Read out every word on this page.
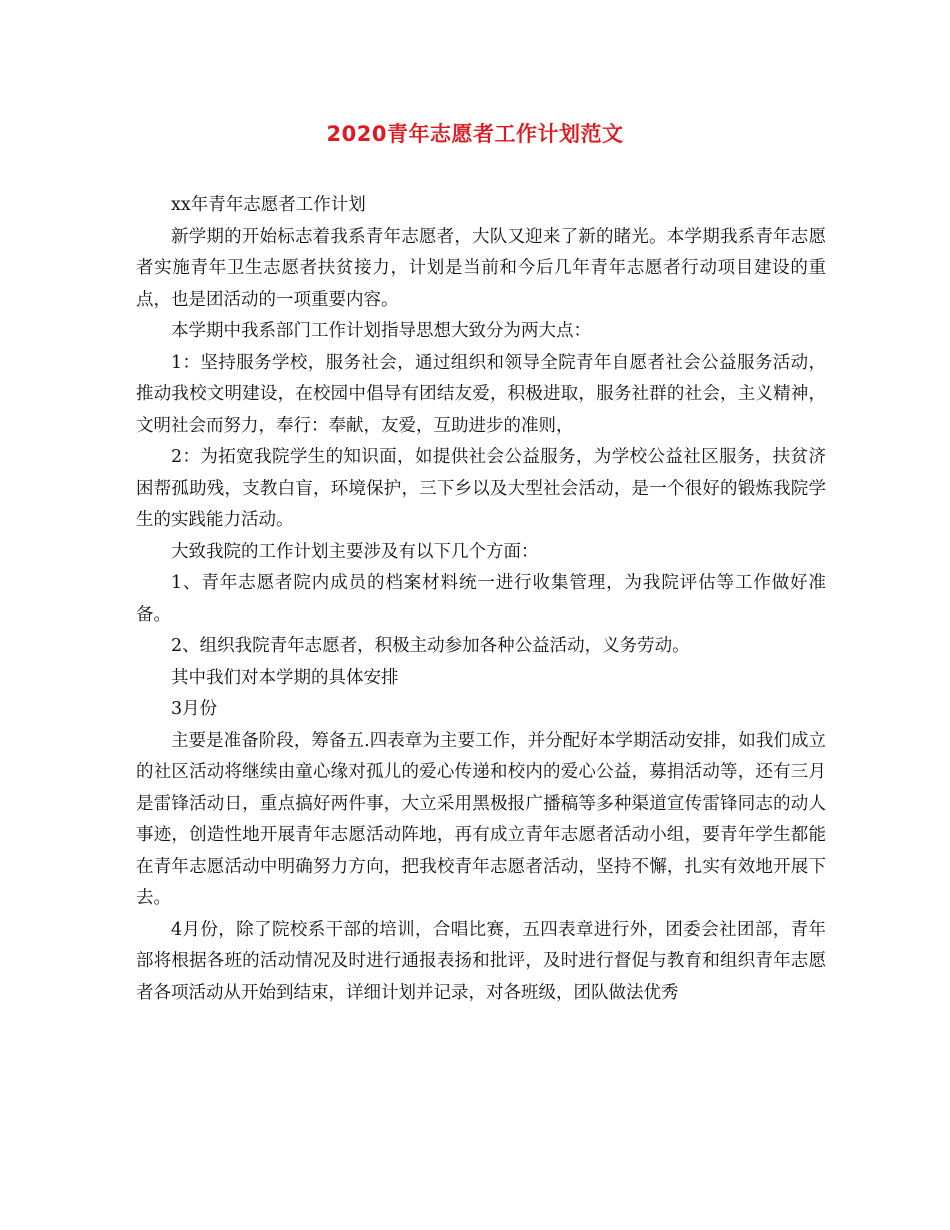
2020青年志愿者工作计划范文

xx年青年志愿者工作计划

新学期的开始标志着我系青年志愿者，大队又迎来了新的睹光。本学期我系青年志愿者实施青年卫生志愿者扶贫接力，计划是当前和今后几年青年志愿者行动项目建设的重点，也是团活动的一项重要内容。

本学期中我系部门工作计划指导思想大致分为两大点：

1：坚持服务学校，服务社会，通过组织和领导全院青年自愿者社会公益服务活动，推动我校文明建设，在校园中倡导有团结友爱，积极进取，服务社群的社会，主义精神，文明社会而努力，奉行：奉献，友爱，互助进步的准则，

2：为拓宽我院学生的知识面，如提供社会公益服务，为学校公益社区服务，扶贫济困帮孤助残，支教白盲，环境保护，三下乡以及大型社会活动，是一个很好的锻炼我院学生的实践能力活动。

大致我院的工作计划主要涉及有以下几个方面：

1、青年志愿者院内成员的档案材料统一进行收集管理，为我院评估等工作做好准备。

2、组织我院青年志愿者，积极主动参加各种公益活动，义务劳动。

其中我们对本学期的具体安排

3月份

主要是准备阶段，筹备五.四表章为主要工作，并分配好本学期活动安排，如我们成立的社区活动将继续由童心缘对孤儿的爱心传递和校内的爱心公益，募捐活动等，还有三月是雷锋活动日，重点搞好两件事，大立采用黑极报广播稿等多种渠道宣传雷锋同志的动人事迹，创造性地开展青年志愿活动阵地，再有成立青年志愿者活动小组，要青年学生都能在青年志愿活动中明确努力方向，把我校青年志愿者活动，坚持不懈，扎实有效地开展下去。

4月份，除了院校系干部的培训，合唱比赛，五四表章进行外，团委会社团部，青年部将根据各班的活动情况及时进行通报表扬和批评，及时进行督促与教育和组织青年志愿者各项活动从开始到结束，详细计划并记录，对各班级，团队做法优秀
